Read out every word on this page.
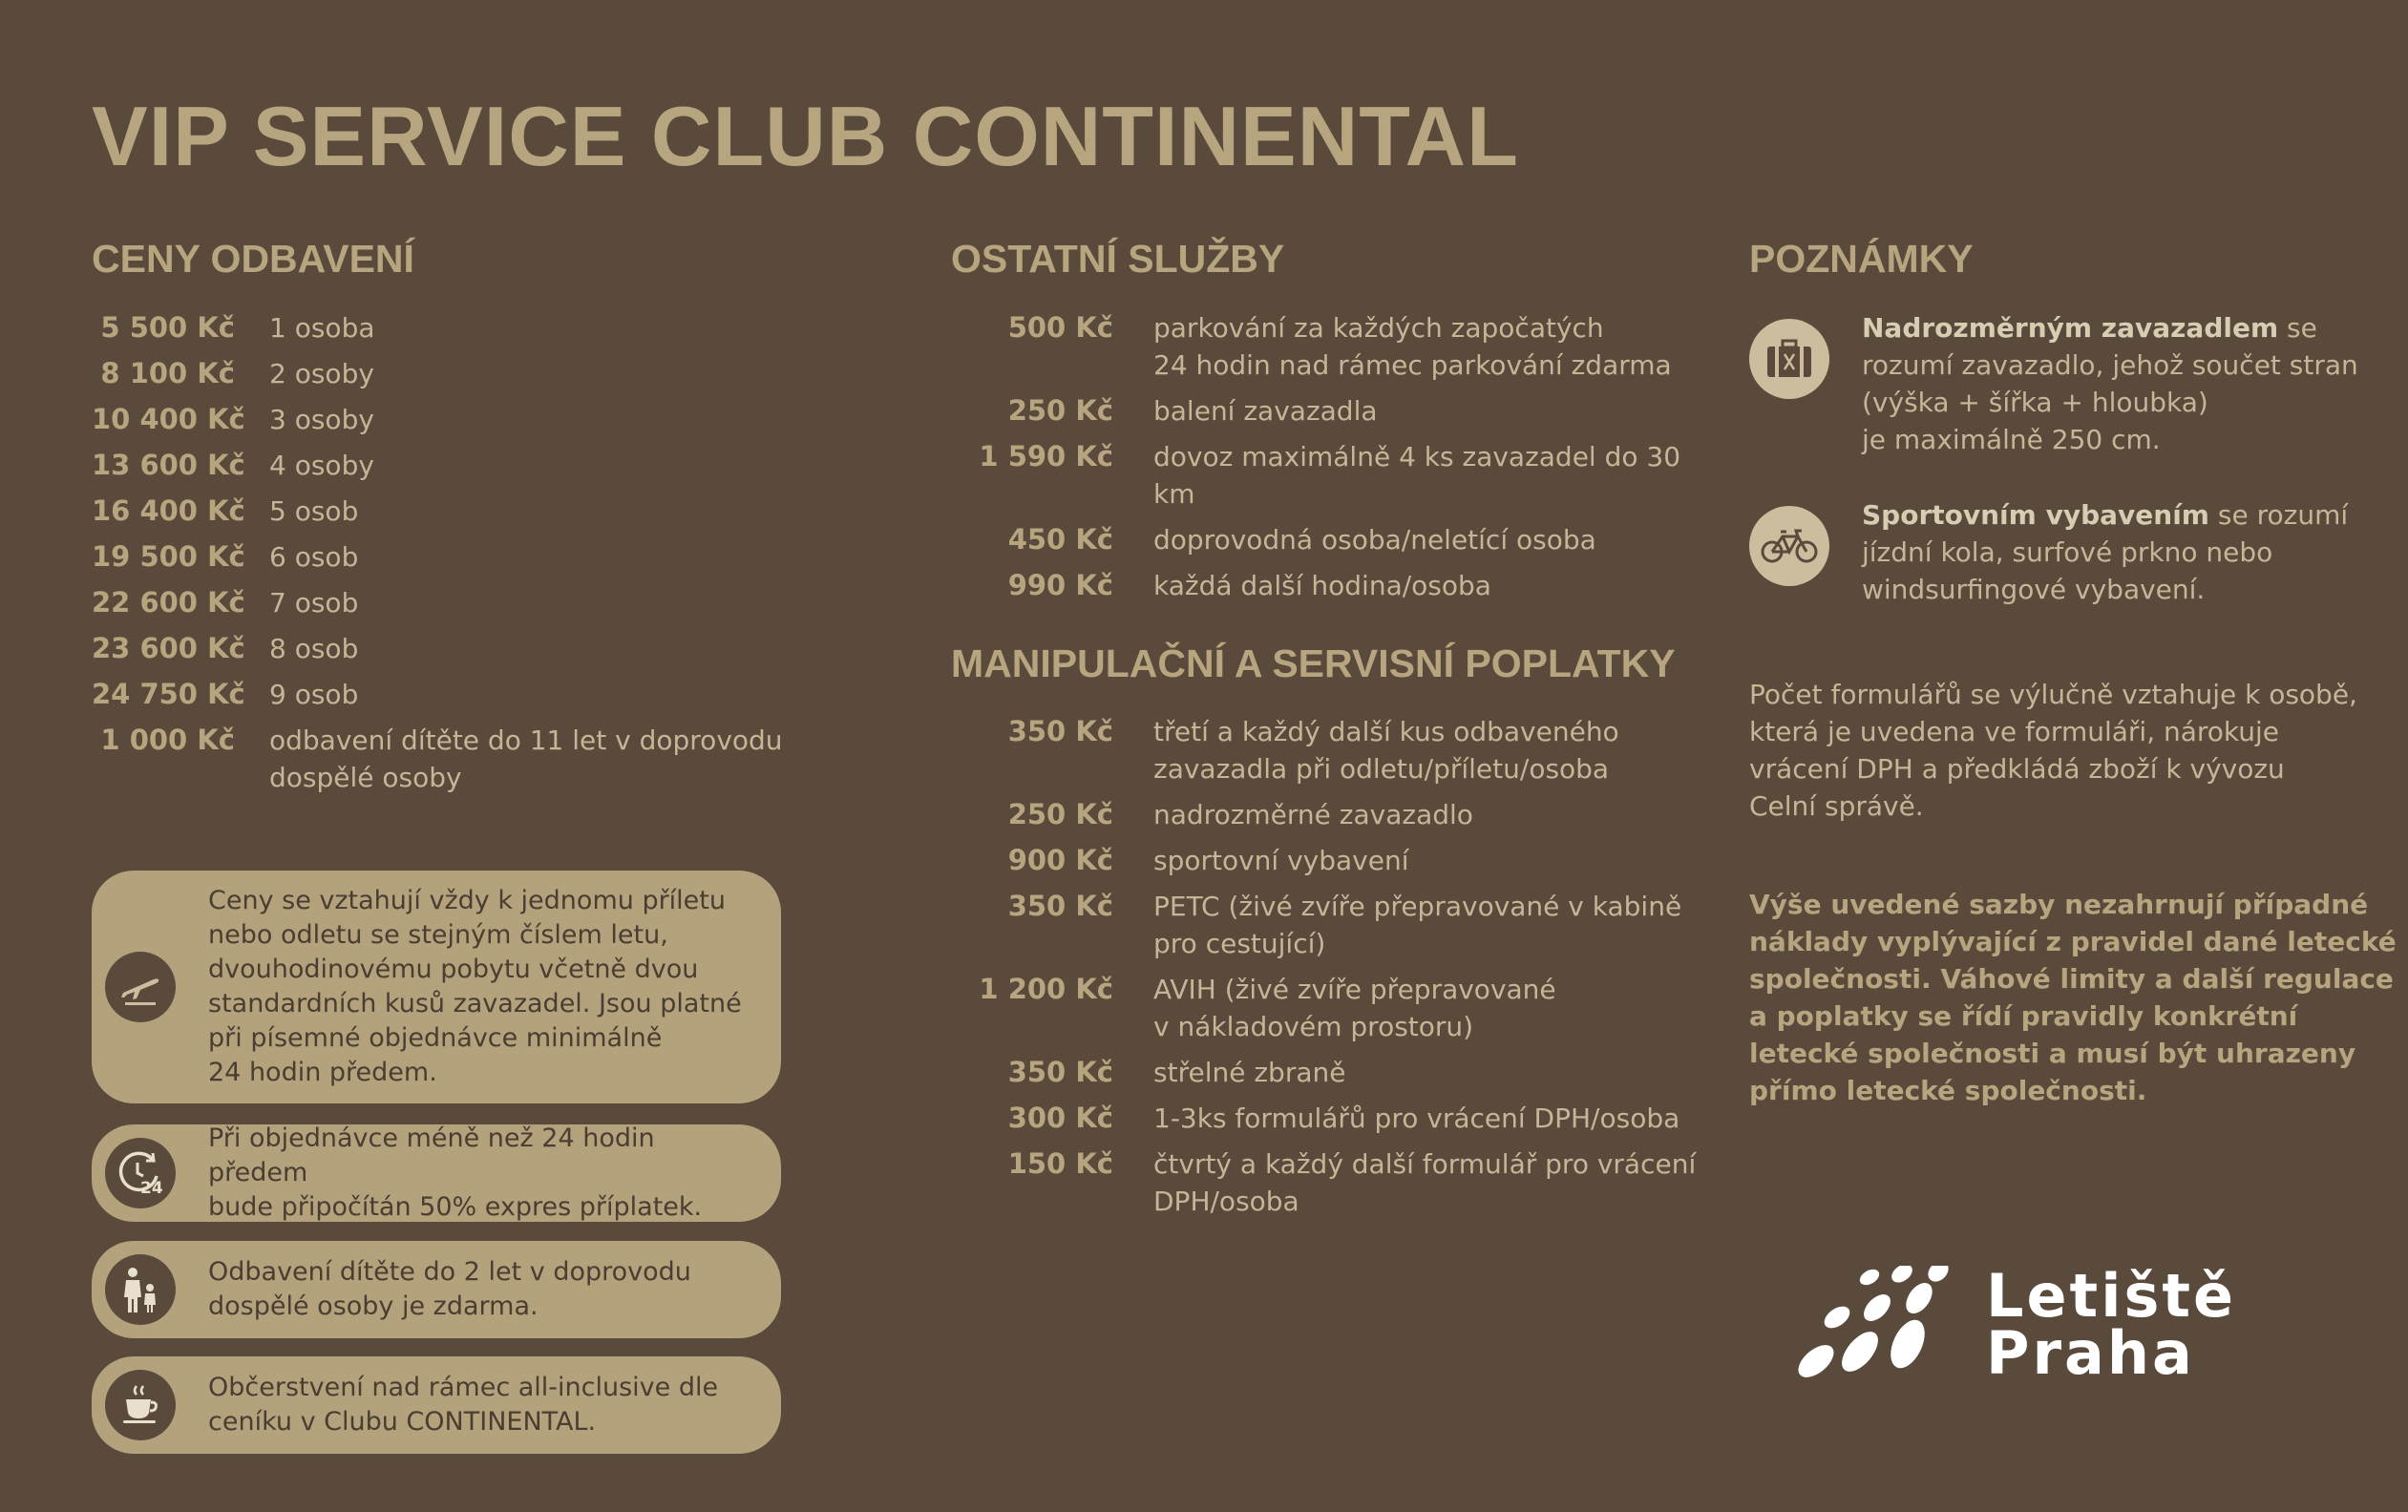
VIP SERVICE CLUB CONTINENTAL
CENY ODBAVENÍ
5 500 Kč 1 osoba
8 100 Kč 2 osoby
10 400 Kč 3 osoby
13 600 Kč 4 osoby
16 400 Kč 5 osob
19 500 Kč 6 osob
22 600 Kč 7 osob
23 600 Kč 8 osob
24 750 Kč 9 osob
1 000 Kč odbavení dítěte do 11 let v doprovodu
dospělé osoby
Ceny se vztahují vždy k jednomu příletu
nebo odletu se stejným číslem letu,
dvouhodinovému pobytu včetně dvou
standardních kusů zavazadel. Jsou platné
při písemné objednávce minimálně
24 hodin předem.
24
Při objednávce méně než 24 hodin předem
bude připočítán 50% expres příplatek.
Odbavení dítěte do 2 let v doprovodu
dospělé osoby je zdarma.
Občerstvení nad rámec all-inclusive dle
ceníku v Clubu CONTINENTAL.
OSTATNÍ SLUŽBY
500 Kč parkování za každých započatých
24 hodin nad rámec parkování zdarma
250 Kč balení zavazadla
1 590 Kč dovoz maximálně 4 ks zavazadel do 30 km
450 Kč doprovodná osoba/neletící osoba
990 Kč každá další hodina/osoba
MANIPULAČNÍ A SERVISNÍ POPLATKY
350 Kč třetí a každý další kus odbaveného
zavazadla při odletu/příletu/osoba
250 Kč nadrozměrné zavazadlo
900 Kč sportovní vybavení
350 Kč PETC (živé zvíře přepravované v kabině
pro cestující)
1 200 Kč AVIH (živé zvíře přepravované
v nákladovém prostoru)
350 Kč střelné zbraně
300 Kč 1-3ks formulářů pro vrácení DPH/osoba
150 Kč čtvrtý a každý další formulář pro vrácení
DPH/osoba
POZNÁMKY
Nadrozměrným zavazadlem se
rozumí zavazadlo, jehož součet stran
(výška + šířka + hloubka)
je maximálně 250 cm.
Sportovním vybavením se rozumí
jízdní kola, surfové prkno nebo
windsurfingové vybavení.
Počet formulářů se výlučně vztahuje k osobě,
která je uvedena ve formuláři, nárokuje
vrácení DPH a předkládá zboží k vývozu
Celní správě.
Výše uvedené sazby nezahrnují případné
náklady vyplývající z pravidel dané letecké
společnosti. Váhové limity a další regulace
a poplatky se řídí pravidly konkrétní
letecké společnosti a musí být uhrazeny
přímo letecké společnosti.
Letiště
Praha
